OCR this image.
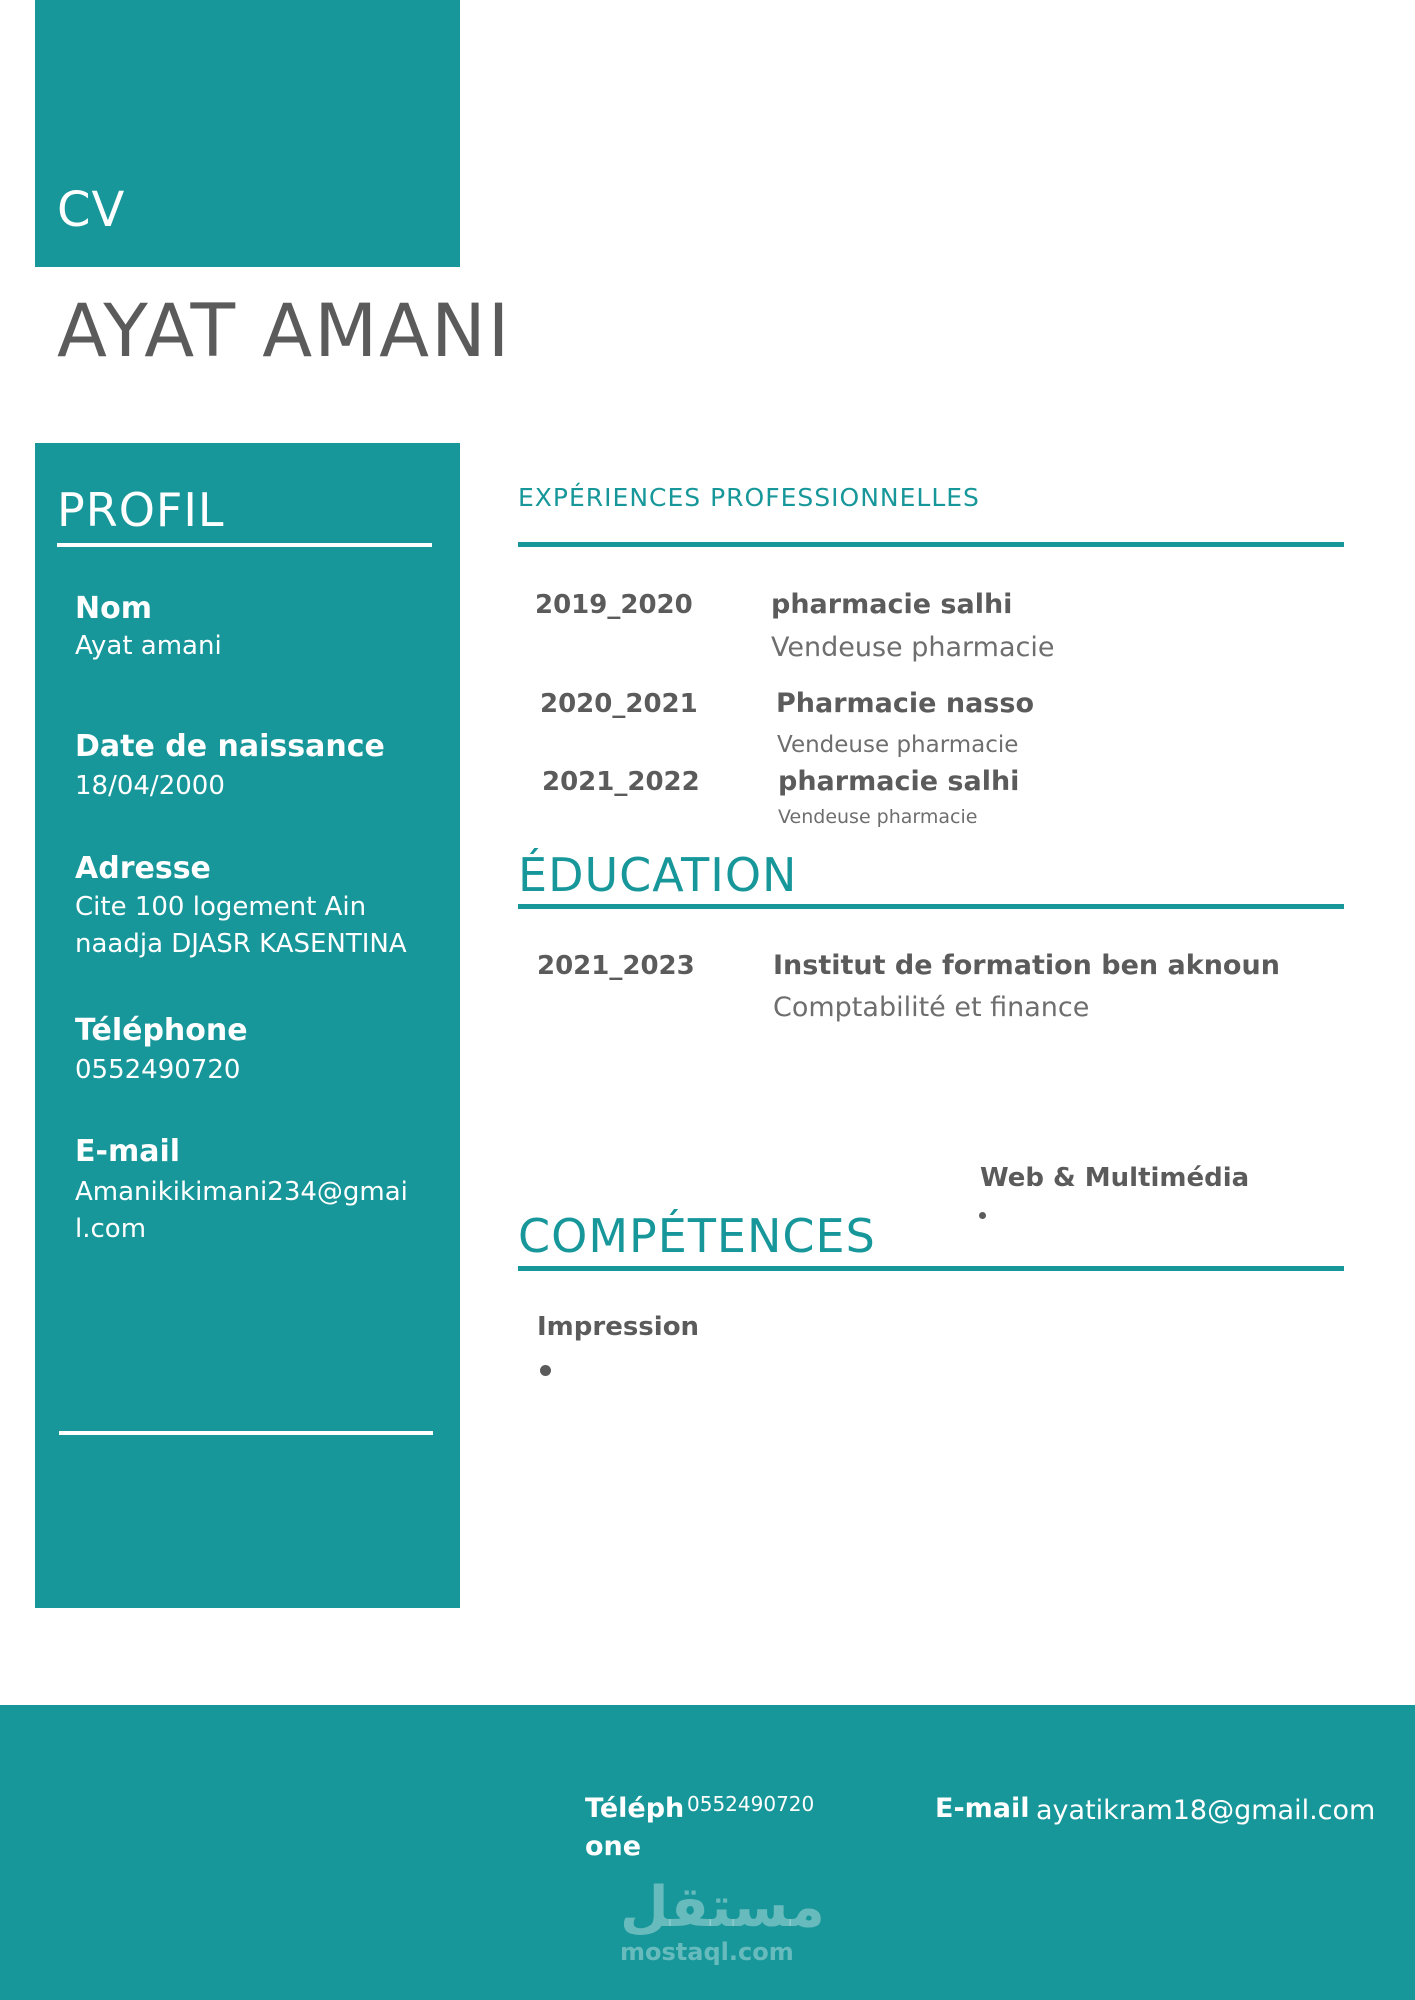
CV
AYAT AMANI
PROFIL
Nom
Ayat amani
Date de naissance
18/04/2000
Adresse
Cite 100 logement Ain naadja DJASR KASENTINA
Téléphone
0552490720
E-mail
Amanikikimani234@gmail.com
EXPÉRIENCES PROFESSIONNELLES
2019_2020	pharmacie salhi
Vendeuse pharmacie
2020_2021	Pharmacie nasso
Vendeuse pharmacie
2021_2022	pharmacie salhi
Vendeuse pharmacie
ÉDUCATION
2021_2023	Institut de formation ben aknoun
Comptabilité et finance
Web & Multimédia
COMPÉTENCES
Impression
Téléph one
0552490720	E-mail ayatikram18@gmail.com
مستقل
mostaql.com
